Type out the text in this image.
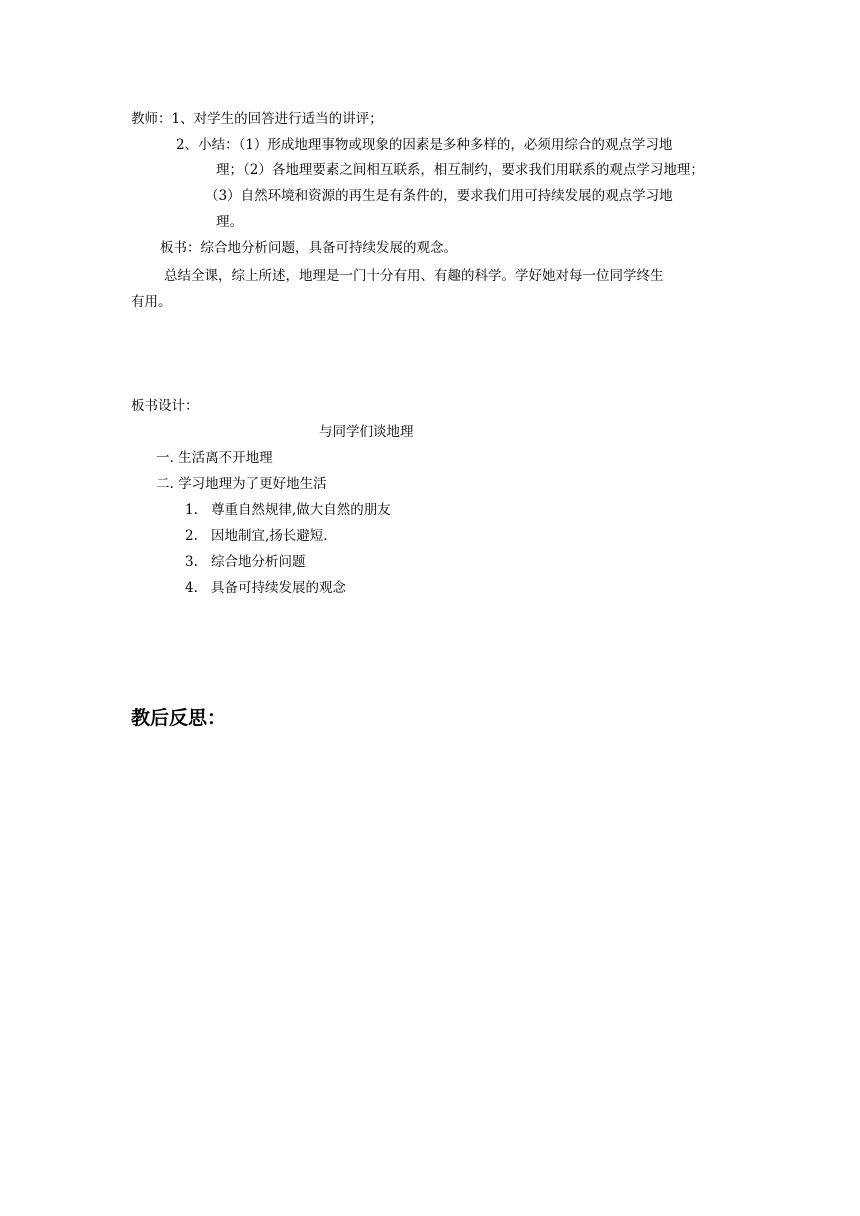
教师：1、对学生的回答进行适当的讲评；
2、小结：（1）形成地理事物或现象的因素是多种多样的，必须用综合的观点学习地
理；（2）各地理要素之间相互联系，相互制约，要求我们用联系的观点学习地理；
（3）自然环境和资源的再生是有条件的，要求我们用可持续发展的观点学习地
理。
板书：综合地分析问题，具备可持续发展的观念。
总结全课，综上所述，地理是一门十分有用、有趣的科学。学好她对每一位同学终生
有用。
板书设计：
与同学们谈地理
一. 生活离不开地理
二. 学习地理为了更好地生活
1. 尊重自然规律,做大自然的朋友
2. 因地制宜,扬长避短.
3. 综合地分析问题
4. 具备可持续发展的观念
教后反思：
